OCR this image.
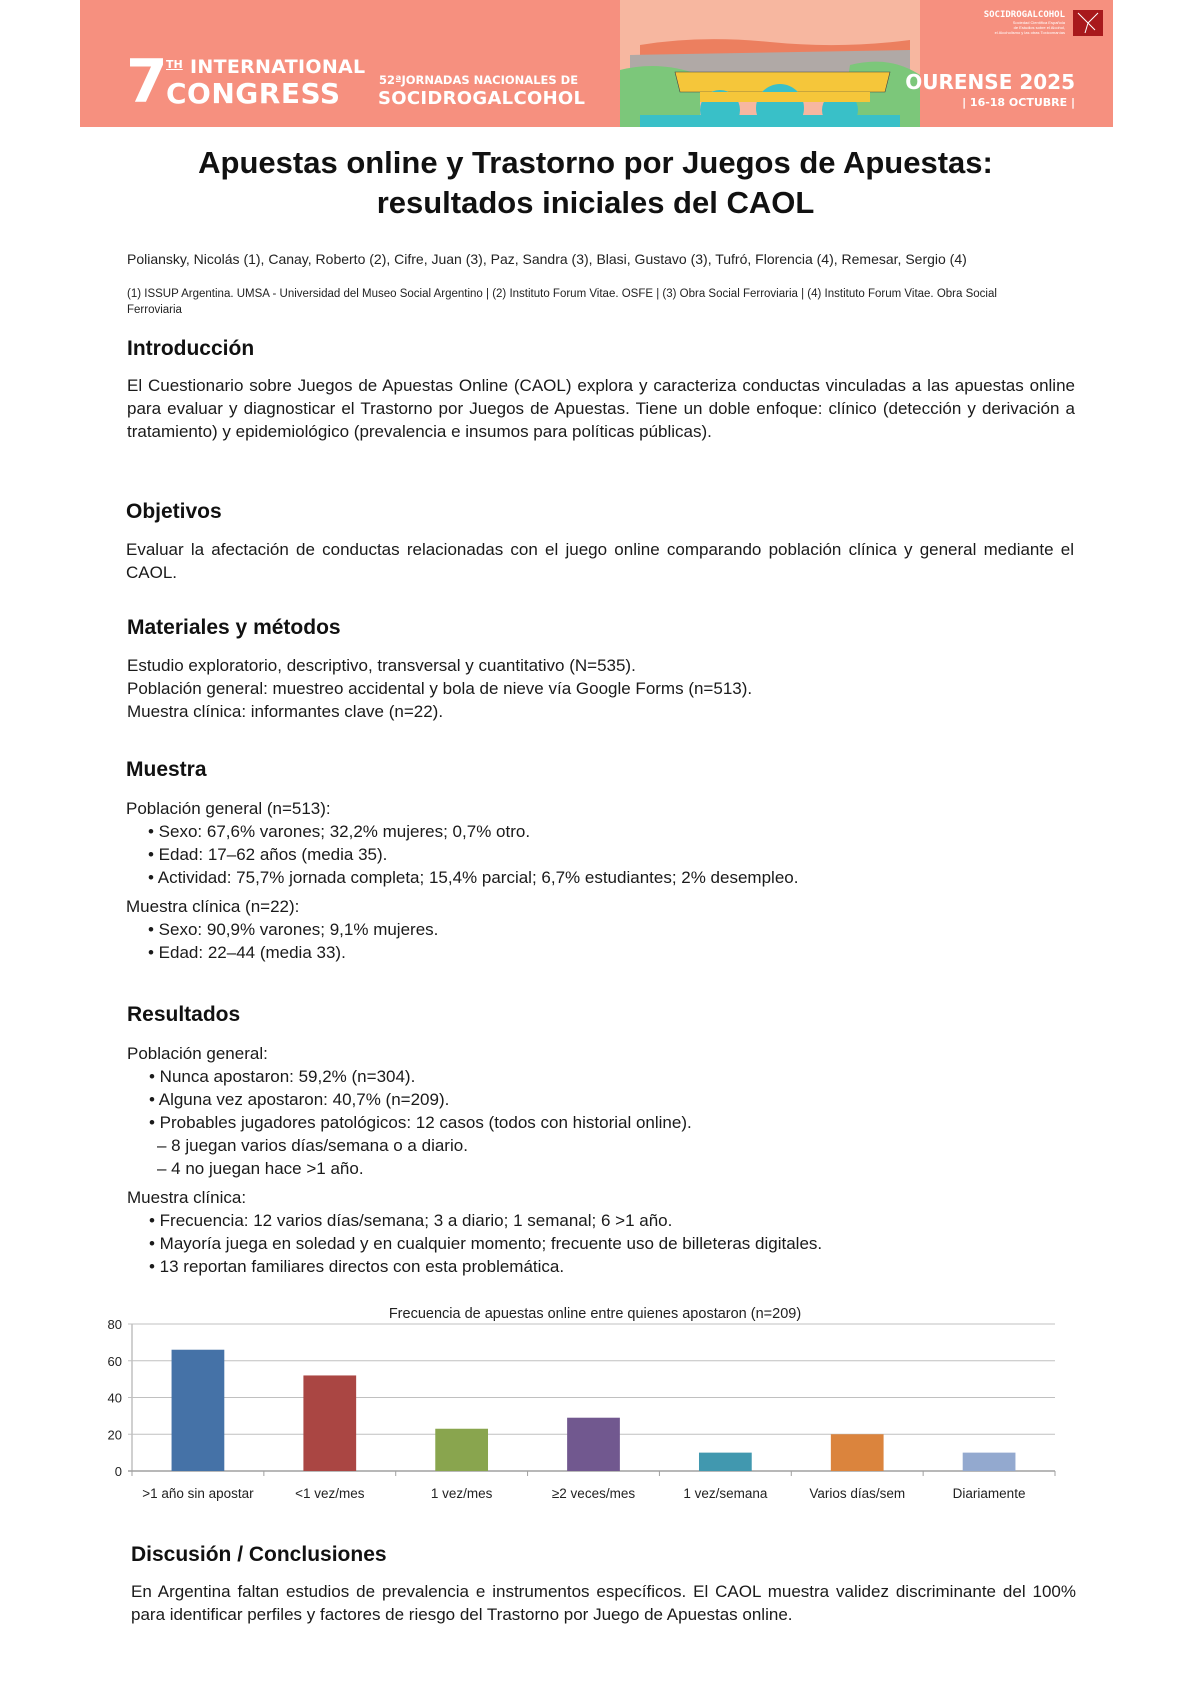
7
TH INTERNATIONAL
CONGRESS	52ªJORNADAS NACIONALES DE
SOCIDROGALCOHOL
SOCIDROGALCOHOL
Sociedad Científica Española
de Estudios sobre el Alcohol,
el Alcoholismo y las otras Toxicomanías
OURENSE 2025
| 16-18 OCTUBRE |
Apuestas online y Trastorno por Juegos de Apuestas:
resultados iniciales del CAOL
Poliansky, Nicolás (1), Canay, Roberto (2), Cifre, Juan (3), Paz, Sandra (3), Blasi, Gustavo (3), Tufró, Florencia (4), Remesar, Sergio (4)
(1) ISSUP Argentina. UMSA - Universidad del Museo Social Argentino | (2) Instituto Forum Vitae. OSFE | (3) Obra Social Ferroviaria | (4) Instituto Forum Vitae. Obra Social Ferroviaria
Introducción
El Cuestionario sobre Juegos de Apuestas Online (CAOL) explora y caracteriza conductas vinculadas a las apuestas online para evaluar y diagnosticar el Trastorno por Juegos de Apuestas. Tiene un doble enfoque: clínico (detección y derivación a tratamiento) y epidemiológico (prevalencia e insumos para políticas públicas).
Objetivos
Evaluar la afectación de conductas relacionadas con el juego online comparando población clínica y general mediante el CAOL.
Materiales y métodos
Estudio exploratorio, descriptivo, transversal y cuantitativo (N=535).
Población general: muestreo accidental y bola de nieve vía Google Forms (n=513).
Muestra clínica: informantes clave (n=22).
Muestra
Población general (n=513):
• Sexo: 67,6% varones; 32,2% mujeres; 0,7% otro.
• Edad: 17–62 años (media 35).
• Actividad: 75,7% jornada completa; 15,4% parcial; 6,7% estudiantes; 2% desempleo.
Muestra clínica (n=22):
• Sexo: 90,9% varones; 9,1% mujeres.
• Edad: 22–44 (media 33).
Resultados
Población general:
• Nunca apostaron: 59,2% (n=304).
• Alguna vez apostaron: 40,7% (n=209).
• Probables jugadores patológicos: 12 casos (todos con historial online).
– 8 juegan varios días/semana o a diario.
– 4 no juegan hace >1 año.
Muestra clínica:
• Frecuencia: 12 varios días/semana; 3 a diario; 1 semanal; 6 >1 año.
• Mayoría juega en soledad y en cualquier momento; frecuente uso de billeteras digitales.
• 13 reportan familiares directos con esta problemática.
Frecuencia de apuestas online entre quienes apostaron (n=209)
0
20
40
60
80
>1 año sin apostar	<1 vez/mes	1 vez/mes	≥2 veces/mes	1 vez/semana	Varios días/sem	Diariamente
Discusión / Conclusiones
En Argentina faltan estudios de prevalencia e instrumentos específicos. El CAOL muestra validez discriminante del 100% para identificar perfiles y factores de riesgo del Trastorno por Juego de Apuestas online.
